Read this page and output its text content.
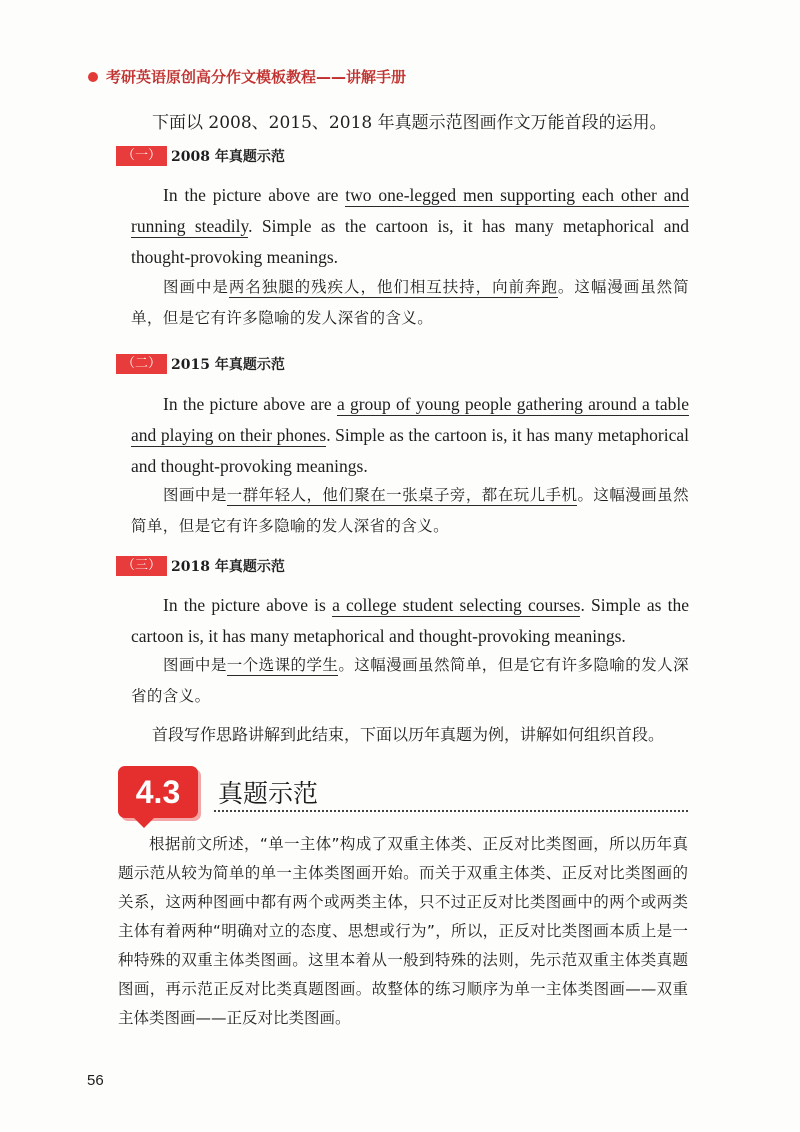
考研英语原创高分作文模板教程——讲解手册
下面以 2008、2015、2018 年真题示范图画作文万能首段的运用。
（一） 2008 年真题示范

In the picture above are two one-legged men supporting each other and running steadily. Simple as the cartoon is, it has many metaphorical and thought-provoking meanings.

图画中是两名独腿的残疾人，他们相互扶持，向前奔跑。这幅漫画虽然简单，但是它有许多隐喻的发人深省的含义。

（二） 2015 年真题示范

In the picture above are a group of young people gathering around a table and playing on their phones. Simple as the cartoon is, it has many metaphorical and thought-provoking meanings.

图画中是一群年轻人，他们聚在一张桌子旁，都在玩儿手机。这幅漫画虽然简单，但是它有许多隐喻的发人深省的含义。

（三） 2018 年真题示范

In the picture above is a college student selecting courses. Simple as the cartoon is, it has many metaphorical and thought-provoking meanings.

图画中是一个选课的学生。这幅漫画虽然简单，但是它有许多隐喻的发人深省的含义。

首段写作思路讲解到此结束，下面以历年真题为例，讲解如何组织首段。
4.3	真题示范

根据前文所述，“单一主体”构成了双重主体类、正反对比类图画，所以历年真题示范从较为简单的单一主体类图画开始。而关于双重主体类、正反对比类图画的关系，这两种图画中都有两个或两类主体，只不过正反对比类图画中的两个或两类主体有着两种“明确对立的态度、思想或行为”，所以，正反对比类图画本质上是一种特殊的双重主体类图画。这里本着从一般到特殊的法则，先示范双重主体类真题图画，再示范正反对比类真题图画。故整体的练习顺序为单一主体类图画——双重主体类图画——正反对比类图画。

56
